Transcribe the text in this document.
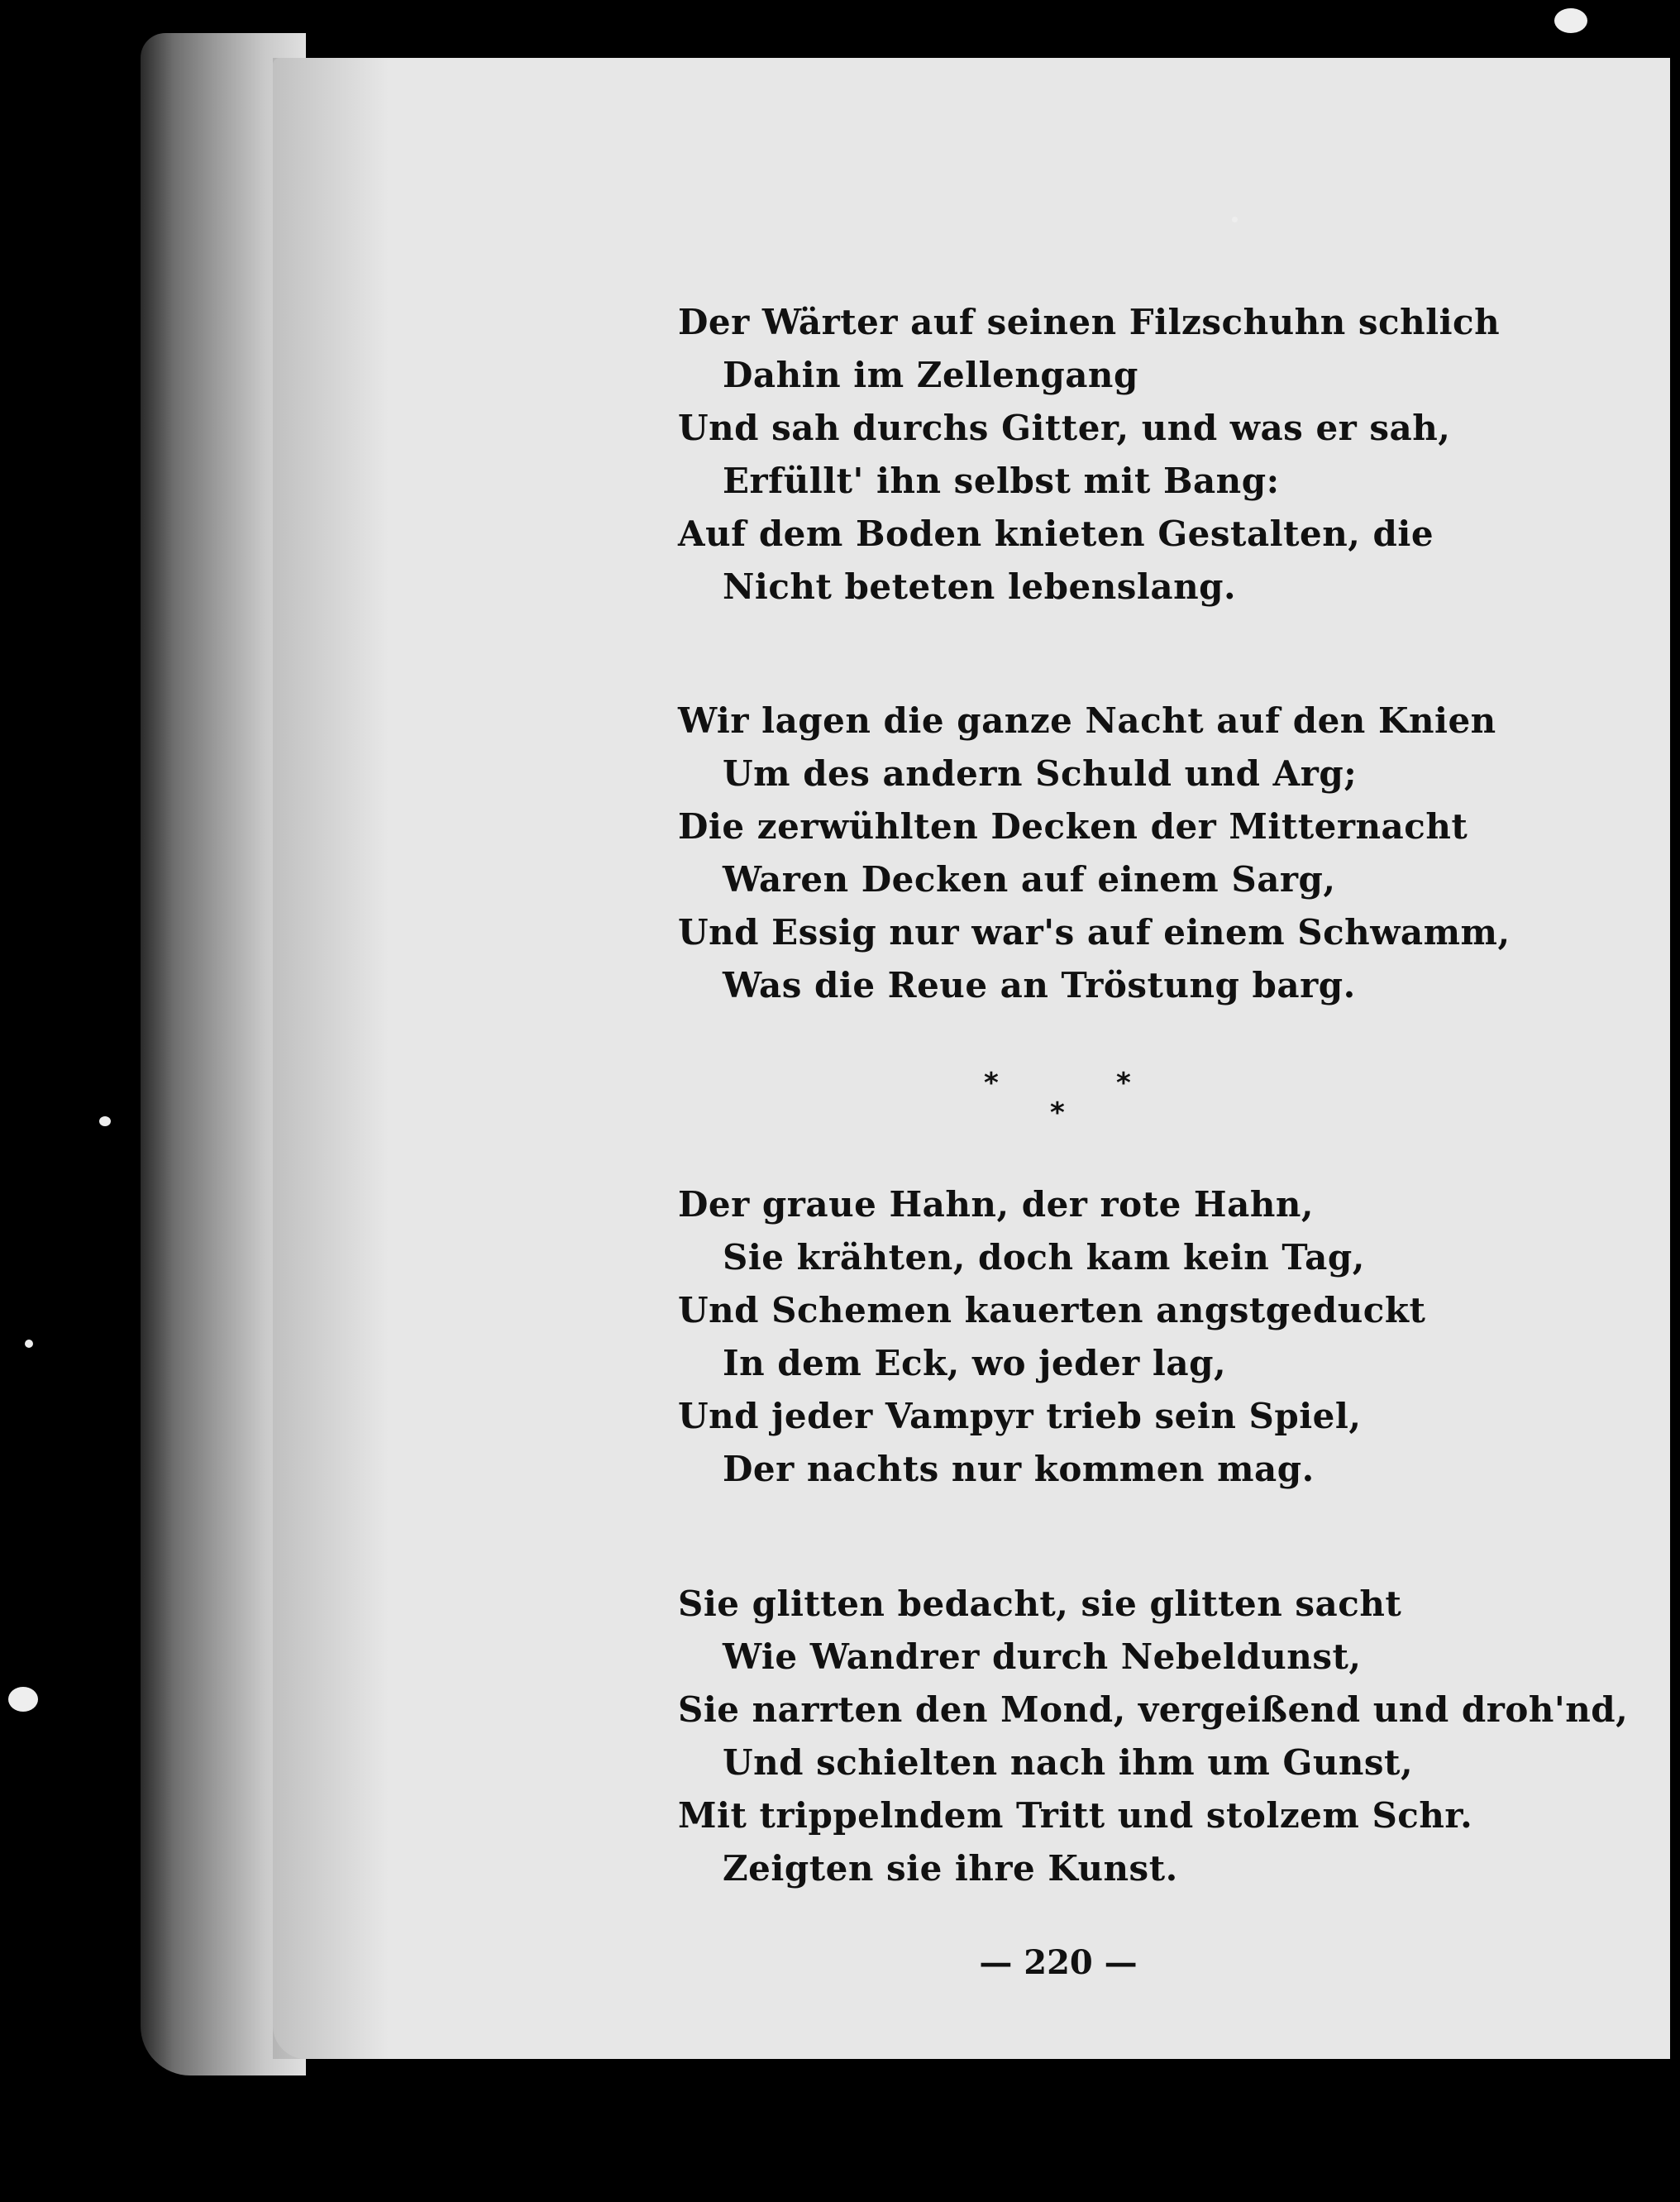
Der Wärter auf seinen Filzschuhn schlich
Dahin im Zellengang
Und sah durchs Gitter, und was er sah,
Erfüllt' ihn selbst mit Bang:
Auf dem Boden knieten Gestalten, die
Nicht beteten lebenslang.
Wir lagen die ganze Nacht auf den Knien
Um des andern Schuld und Arg;
Die zerwühlten Decken der Mitternacht
Waren Decken auf einem Sarg,
Und Essig nur war's auf einem Schwamm,
Was die Reue an Tröstung barg.
*	*
*
Der graue Hahn, der rote Hahn,
Sie krähten, doch kam kein Tag,
Und Schemen kauerten angstgeduckt
In dem Eck, wo jeder lag,
Und jeder Vampyr trieb sein Spiel,
Der nachts nur kommen mag.
Sie glitten bedacht, sie glitten sacht
Wie Wandrer durch Nebeldunst,
Sie narrten den Mond, vergeißend und droh'nd,
Und schielten nach ihm um Gunst,
Mit trippelndem Tritt und stolzem Schr.
Zeigten sie ihre Kunst.
— 220 —
